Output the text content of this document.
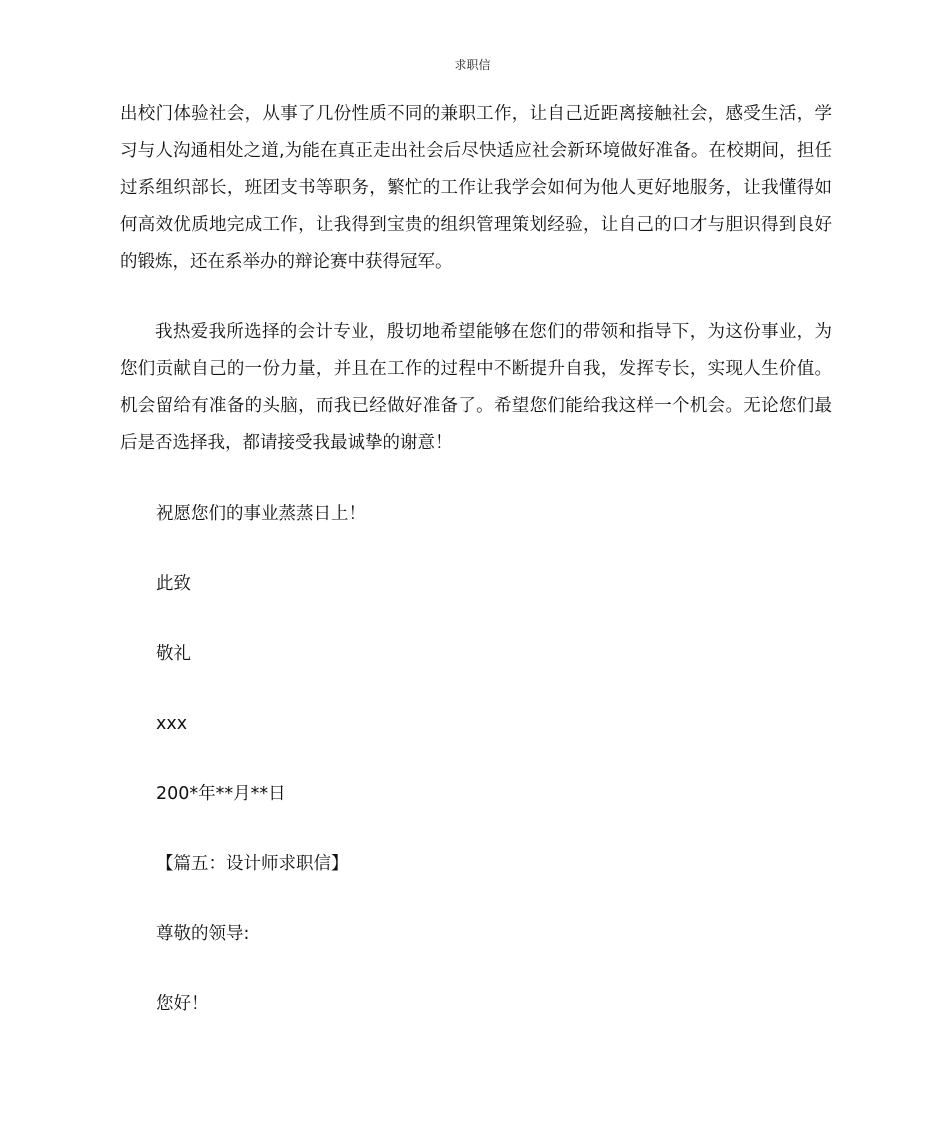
求职信

出校门体验社会，从事了几份性质不同的兼职工作，让自己近距离接触社会，感受生活，学习与人沟通相处之道,为能在真正走出社会后尽快适应社会新环境做好准备。在校期间，担任过系组织部长，班团支书等职务，繁忙的工作让我学会如何为他人更好地服务，让我懂得如何高效优质地完成工作，让我得到宝贵的组织管理策划经验，让自己的口才与胆识得到良好的锻炼，还在系举办的辩论赛中获得冠军。

我热爱我所选择的会计专业，殷切地希望能够在您们的带领和指导下，为这份事业，为您们贡献自己的一份力量，并且在工作的过程中不断提升自我，发挥专长，实现人生价值。机会留给有准备的头脑，而我已经做好准备了。希望您们能给我这样一个机会。无论您们最后是否选择我，都请接受我最诚挚的谢意！

祝愿您们的事业蒸蒸日上！
此致
敬礼
xxx
200*年**月**日
【篇五：设计师求职信】
尊敬的领导:
您好！
